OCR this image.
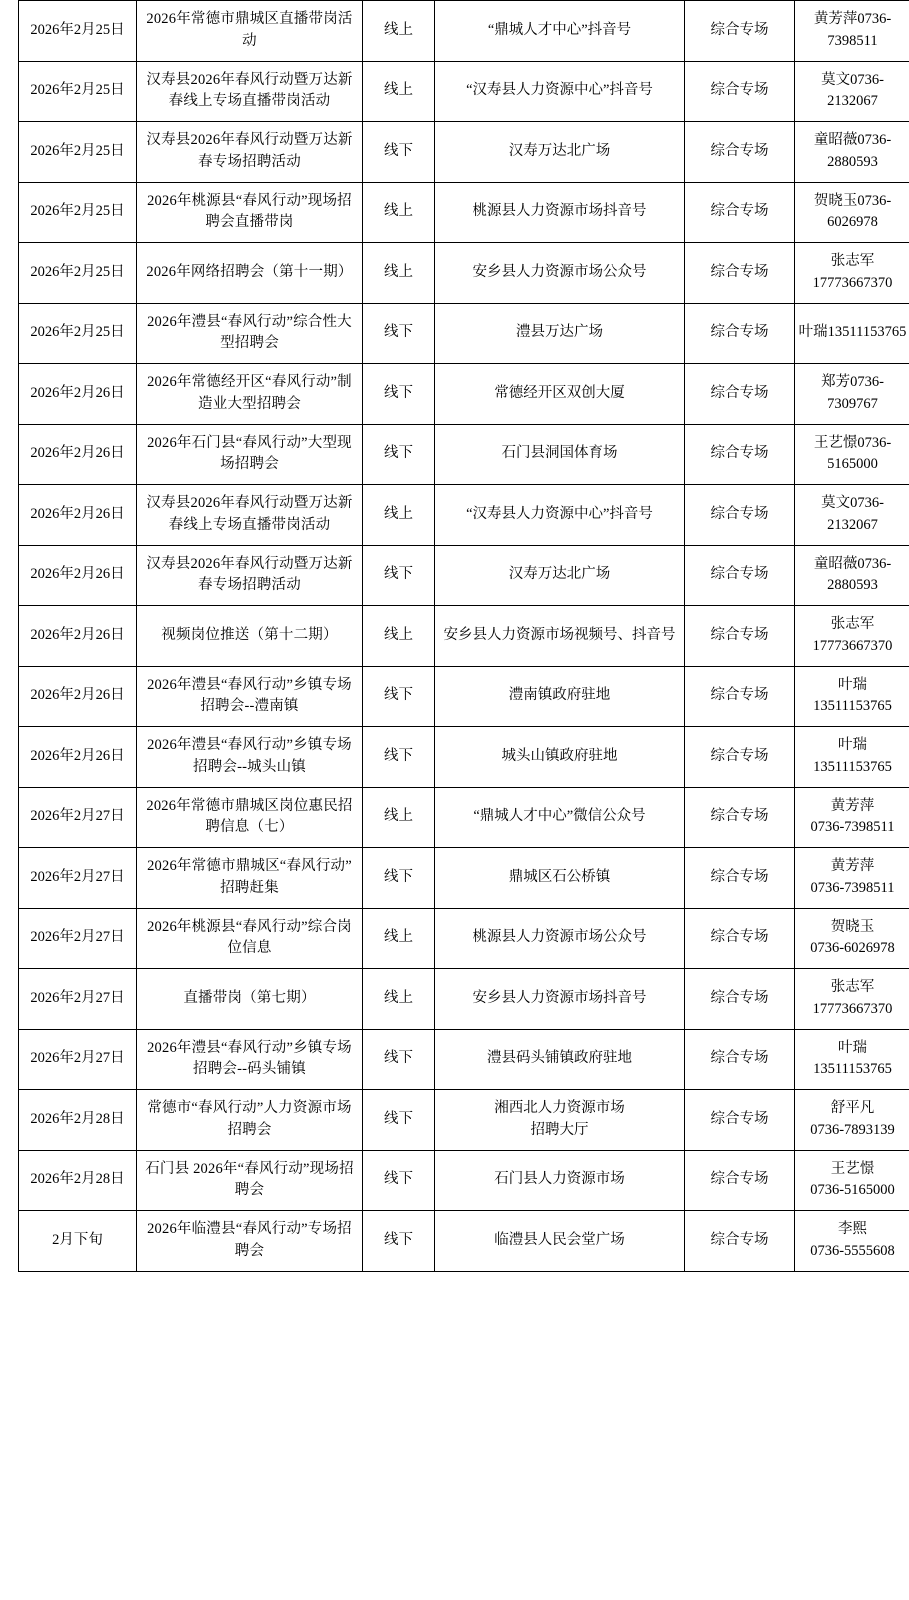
2026年2月25日	2026年常德市鼎城区直播带岗活
动	线上	“鼎城人才中心”抖音号	综合专场	黄芳萍0736-
7398511

2026年2月25日	汉寿县2026年春风行动暨万达新
春线上专场直播带岗活动	线上	“汉寿县人力资源中心”抖音号	综合专场	莫文0736-
2132067

2026年2月25日	汉寿县2026年春风行动暨万达新
春专场招聘活动	线下	汉寿万达北广场	综合专场	童昭薇0736-
2880593

2026年2月25日	2026年桃源县“春风行动”现场招
聘会直播带岗	线上	桃源县人力资源市场抖音号	综合专场	贺晓玉0736-
6026978

2026年2月25日	2026年网络招聘会（第十一期）	线上	安乡县人力资源市场公众号	综合专场	张志军
17773667370

2026年2月25日	2026年澧县“春风行动”综合性大
型招聘会	线下	澧县万达广场	综合专场	叶瑞13511153765

2026年2月26日	2026年常德经开区“春风行动”制
造业大型招聘会	线下	常德经开区双创大厦	综合专场	郑芳0736-
7309767

2026年2月26日	2026年石门县“春风行动”大型现
场招聘会	线下	石门县洞国体育场	综合专场	王艺憬0736-
5165000

2026年2月26日	汉寿县2026年春风行动暨万达新
春线上专场直播带岗活动	线上	“汉寿县人力资源中心”抖音号	综合专场	莫文0736-
2132067

2026年2月26日	汉寿县2026年春风行动暨万达新
春专场招聘活动	线下	汉寿万达北广场	综合专场	童昭薇0736-
2880593

2026年2月26日	视频岗位推送（第十二期）	线上	安乡县人力资源市场视频号、抖音号	综合专场	张志军
17773667370

2026年2月26日	2026年澧县“春风行动”乡镇专场
招聘会--澧南镇	线下	澧南镇政府驻地	综合专场	叶瑞
13511153765

2026年2月26日	2026年澧县“春风行动”乡镇专场
招聘会--城头山镇	线下	城头山镇政府驻地	综合专场	叶瑞
13511153765

2026年2月27日	2026年常德市鼎城区岗位惠民招
聘信息（七）	线上	“鼎城人才中心”微信公众号	综合专场	黄芳萍
0736-7398511

2026年2月27日	2026年常德市鼎城区“春风行动”
招聘赶集	线下	鼎城区石公桥镇	综合专场	黄芳萍
0736-7398511

2026年2月27日	2026年桃源县“春风行动”综合岗
位信息	线上	桃源县人力资源市场公众号	综合专场	贺晓玉
0736-6026978

2026年2月27日	直播带岗（第七期）	线上	安乡县人力资源市场抖音号	综合专场	张志军
17773667370

2026年2月27日	2026年澧县“春风行动”乡镇专场
招聘会--码头铺镇	线下	澧县码头铺镇政府驻地	综合专场	叶瑞
13511153765

2026年2月28日	常德市“春风行动”人力资源市场
招聘会	线下	湘西北人力资源市场
招聘大厅	综合专场	舒平凡
0736-7893139

2026年2月28日	石门县 2026年“春风行动”现场招
聘会	线下	石门县人力资源市场	综合专场	王艺憬
0736-5165000

2月下旬	2026年临澧县“春风行动”专场招
聘会	线下	临澧县人民会堂广场	综合专场	李熙
0736-5555608
